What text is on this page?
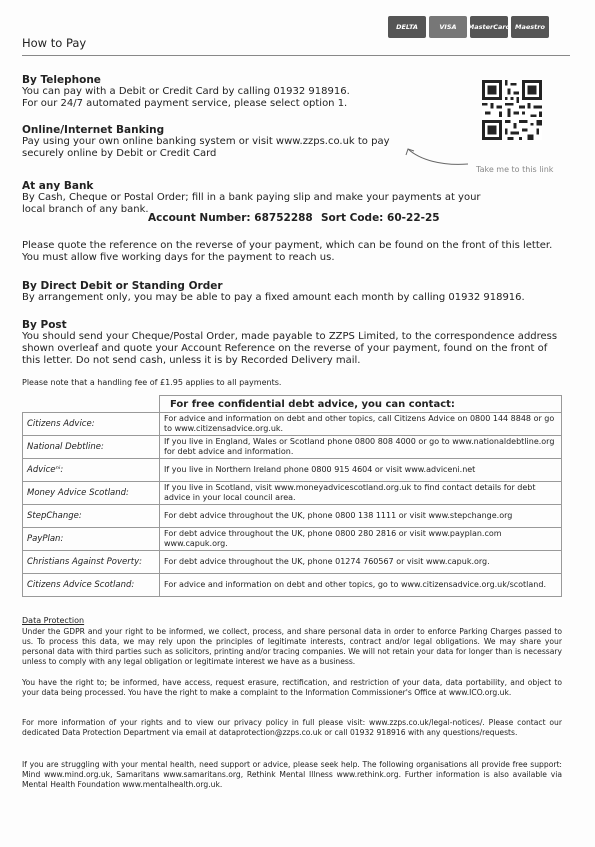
How to Pay
DELTA	VISA	MasterCard Maestro
By Telephone
You can pay with a Debit or Credit Card by calling 01932 918916.
For our 24/7 automated payment service, please select option 1.
Online/Internet Banking
Pay using your own online banking system or visit www.zzps.co.uk to pay
securely online by Debit or Credit Card
Take me to this link
At any Bank
By Cash, Cheque or Postal Order; fill in a bank paying slip and make your payments at your
local branch of any bank.
Account Number: 68752288 Sort Code: 60-22-25
Please quote the reference on the reverse of your payment, which can be found on the front of this letter.
You must allow five working days for the payment to reach us.
By Direct Debit or Standing Order
By arrangement only, you may be able to pay a fixed amount each month by calling 01932 918916.
By Post
You should send your Cheque/Postal Order, made payable to ZZPS Limited, to the correspondence address
shown overleaf and quote your Account Reference on the reverse of your payment, found on the front of
this letter. Do not send cash, unless it is by Recorded Delivery mail.
Please note that a handling fee of £1.95 applies to all payments.
	For free confidential debt advice, you can contact:
Citizens Advice:	For advice and information on debt and other topics, call Citizens Advice on 0800 144 8848 or go to www.citizensadvice.org.uk.
National Debtline:	If you live in England, Wales or Scotland phone 0800 808 4000 or go to www.nationaldebtline.org for debt advice and information.
Adviceⁿⁱ:	If you live in Northern Ireland phone 0800 915 4604 or visit www.adviceni.net
Money Advice Scotland:	If you live in Scotland, visit www.moneyadvicescotland.org.uk to find contact details for debt advice in your local council area.
StepChange:	For debt advice throughout the UK, phone 0800 138 1111 or visit www.stepchange.org
PayPlan:	For debt advice throughout the UK, phone 0800 280 2816 or visit www.payplan.com www.capuk.org.
Christians Against Poverty:	For debt advice throughout the UK, phone 01274 760567 or visit www.capuk.org.
Citizens Advice Scotland:	For advice and information on debt and other topics, go to www.citizensadvice.org.uk/scotland.
Data Protection
Under the GDPR and your right to be informed, we collect, process, and share personal data in order to enforce Parking Charges passed to us. To process this data, we may rely upon the principles of legitimate interests, contract and/or legal obligations. We may share your personal data with third parties such as solicitors, printing and/or tracing companies. We will not retain your data for longer than is necessary unless to comply with any legal obligation or legitimate interest we have as a business.
You have the right to; be informed, have access, request erasure, rectification, and restriction of your data, data portability, and object to your data being processed. You have the right to make a complaint to the Information Commissioner's Office at www.ICO.org.uk.
For more information of your rights and to view our privacy policy in full please visit: www.zzps.co.uk/legal-notices/. Please contact our dedicated Data Protection Department via email at dataprotection@zzps.co.uk or call 01932 918916 with any questions/requests.
If you are struggling with your mental health, need support or advice, please seek help. The following organisations all provide free support: Mind www.mind.org.uk, Samaritans www.samaritans.org, Rethink Mental Illness www.rethink.org. Further information is also available via Mental Health Foundation www.mentalhealth.org.uk.
